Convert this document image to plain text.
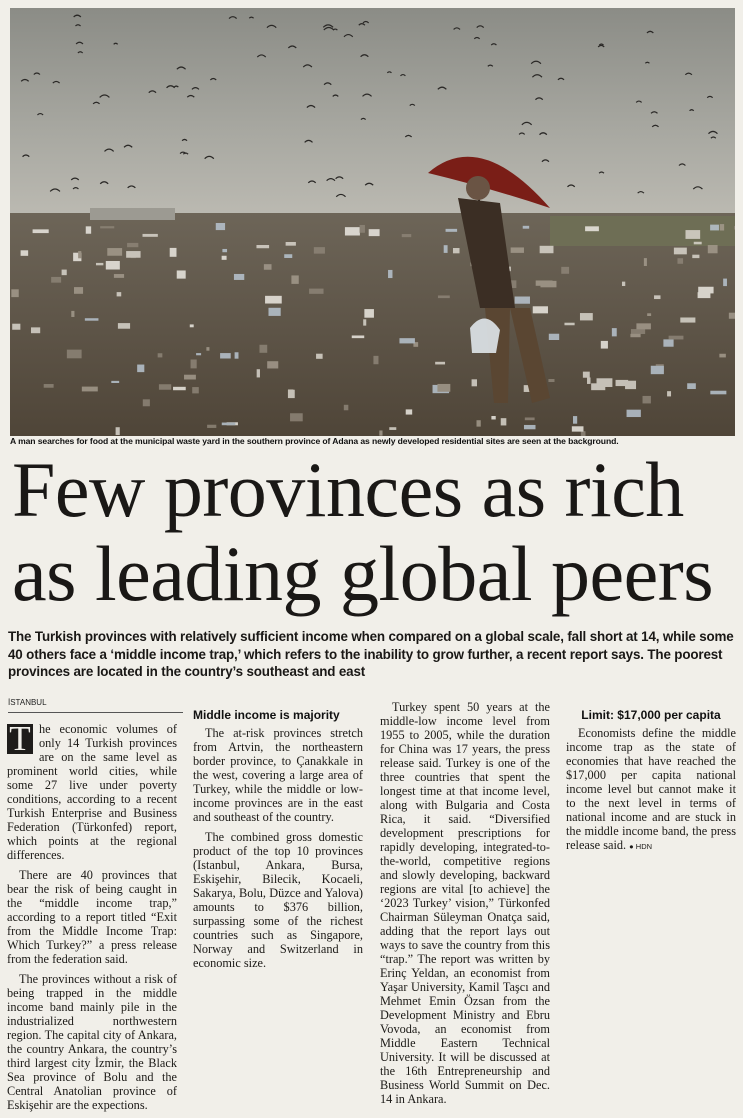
A man searches for food at the municipal waste yard in the southern province of Adana as newly developed residential sites are seen at the background.
Few provinces as rich
as leading global peers

The Turkish provinces with relatively sufficient income when compared on a global scale, fall short at 14, while some 40 others face a ‘middle income trap,’ which refers to the inability to grow further, a recent report says. The poorest provinces are located in the country’s southeast and east

İSTANBUL

T he economic volumes of only 14 Turkish provinces are on the same level as prominent world cities, while some 27 live under poverty conditions, according to a recent Turkish Enterprise and Business Federation (Türkonfed) report, which points at the regional differences.

There are 40 provinces that bear the risk of being caught in the “middle income trap,” according to a report titled “Exit from the Middle Income Trap: Which Turkey?” a press release from the federation said.

The provinces without a risk of being trapped in the middle income band mainly pile in the industrialized northwestern region. The capital city of Ankara, the country Ankara, the country’s third largest city İzmir, the Black Sea province of Bolu and the Central Anatolian province of Eskişehir are the expections.

Middle income is majority

The at-risk provinces stretch from Artvin, the northeastern border province, to Çanakkale in the west, covering a large area of Turkey, while the middle or low-income provinces are in the east and southeast of the country.

The combined gross domestic product of the top 10 provinces (Istanbul, Ankara, Bursa, Eskişehir, Bilecik, Kocaeli, Sakarya, Bolu, Düzce and Yalova) amounts to $376 billion, surpassing some of the richest countries such as Singapore, Norway and Switzerland in economic size.

Turkey spent 50 years at the middle-low income level from 1955 to 2005, while the duration for China was 17 years, the press release said. Turkey is one of the three countries that spent the longest time at that income level, along with Bulgaria and Costa Rica, it said. “Diversified development prescriptions for rapidly developing, integrated-to-the-world, competitive regions and slowly developing, backward regions are vital [to achieve] the ‘2023 Turkey’ vision,” Türkonfed Chairman Süleyman Onatça said, adding that the report lays out ways to save the country from this “trap.” The report was written by Erinç Yeldan, an economist from Yaşar University, Kamil Taşcı and Mehmet Emin Özsan from the Development Ministry and Ebru Vovoda, an economist from Middle Eastern Technical University. It will be discussed at the 16th Entrepreneurship and Business World Summit on Dec. 14 in Ankara.

Limit: $17,000 per capita

Economists define the middle income trap as the state of economies that have reached the $17,000 per capita national income level but cannot make it to the next level in terms of national income and are stuck in the middle income band, the press release said. ● HDN
